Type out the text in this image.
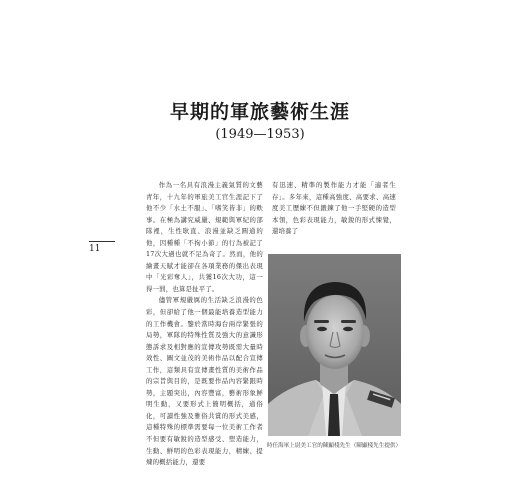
早期的軍旅藝術生涯
(1949—1953)
11

作為一名具有浪漫主義氣質的文藝青年，十九年的軍旅美工官生涯記下了他不少「水土不服」、「嗜笑皆非」的軼事。在極為講究威嚴、規範與軍紀的部隊裡，生性耿直、浪漫並缺乏圓通的他，因種種「不拘小節」的行為被記了17次大過也就不足為奇了。然而，他的繪畫天賦才能卻在各項業務的傑出表現中「光彩奪人」，共獲16次大功，這一得一罰，也算是扯平了。

儘管軍規嚴厲的生活缺乏浪漫的色彩，但卻給了他一個最能培養造型能力的工作機會。鑒於當時海台兩岸緊張的局勢，軍隊的特殊性質及強大的意識形態訴求及相對應的宣傳攻勢既需大量時效性、圖文並茂的美術作品以配合宣傳工作，這類具有宣傳畫性質的美術作品的宗旨與目的，是既要作品內容緊跟時勢，主題突出，內容豐富，藝術形象鮮明生動，又要形式上簡明概括，通俗化，可讀性強及雅俗共賞的形式美感，這種特殊的標準需要每一位美術工作者不但要有敏銳的造型感受、塑造能力，生動、鮮明的色彩表現能力，精練、提煉的概括能力，還要

有迅速、精準的製作能力才能「適者生存」。多年來，這種高強度、高要求、高速度美工歷練不但鍛鍊了他一手堅硬的造型本領，色彩表現能力，敏銳的形式悚覺，還培養了

時任海軍上尉美工官的陳顯棧先生（陳顯棧先生提供）
